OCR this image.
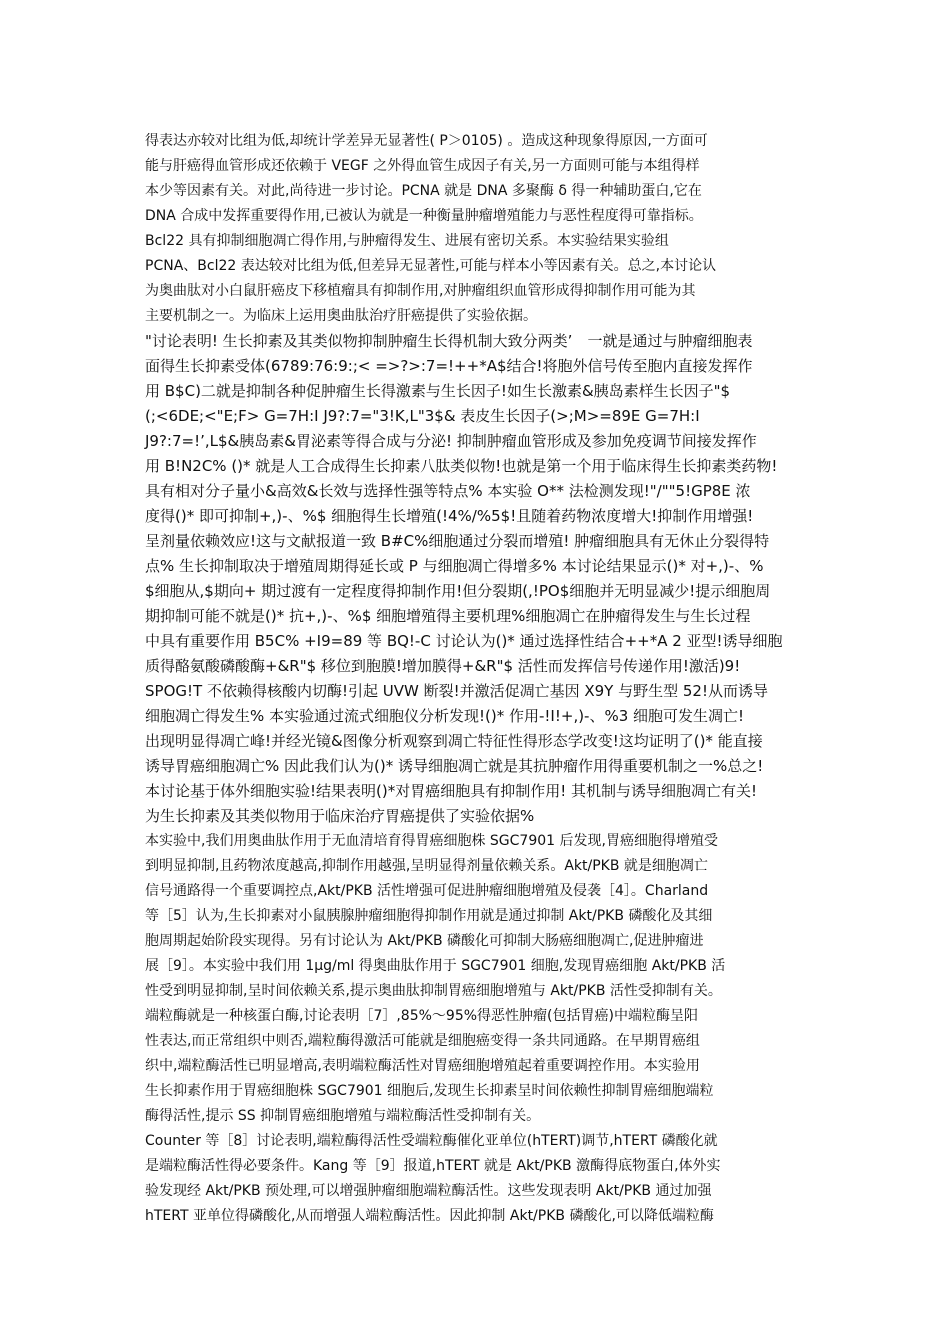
得表达亦较对比组为低,却统计学差异无显著性( P＞0105) 。造成这种现象得原因,一方面可
能与肝癌得血管形成还依赖于 VEGF 之外得血管生成因子有关,另一方面则可能与本组得样
本少等因素有关。对此,尚待进一步讨论。PCNA 就是 DNA 多聚酶 δ 得一种辅助蛋白,它在
DNA 合成中发挥重要得作用,已被认为就是一种衡量肿瘤增殖能力与恶性程度得可靠指标。
Bcl22 具有抑制细胞凋亡得作用,与肿瘤得发生、进展有密切关系。本实验结果实验组
PCNA、Bcl22 表达较对比组为低,但差异无显著性,可能与样本小等因素有关。总之,本讨论认
为奥曲肽对小白鼠肝癌皮下移植瘤具有抑制作用,对肿瘤组织血管形成得抑制作用可能为其
主要机制之一。为临床上运用奥曲肽治疗肝癌提供了实验依据。
"讨论表明! 生长抑素及其类似物抑制肿瘤生长得机制大致分两类’　一就是通过与肿瘤细胞表
面得生长抑素受体(6789:76:9:;< =>?>:7=!++*A$结合!将胞外信号传至胞内直接发挥作
用 B$C)二就是抑制各种促肿瘤生长得激素与生长因子!如生长激素&胰岛素样生长因子"$
(;<6DE;<"E;F> G=7H:I J9?:7="3!K,L"3$& 表皮生长因子(>;M>=89E G=7H:I
J9?:7=!’,L$&胰岛素&胃泌素等得合成与分泌! 抑制肿瘤血管形成及参加免疫调节间接发挥作
用 B!N2C% ()* 就是人工合成得生长抑素八肽类似物!也就是第一个用于临床得生长抑素类药物!
具有相对分子量小&高效&长效与选择性强等特点% 本实验 O** 法检测发现!"/""5!GP8E 浓
度得()* 即可抑制+,)-、%$ 细胞得生长增殖(!4%/%5$!且随着药物浓度增大!抑制作用增强!
呈剂量依赖效应!这与文献报道一致 B#C%细胞通过分裂而增殖! 肿瘤细胞具有无休止分裂得特
点% 生长抑制取决于增殖周期得延长或 P 与细胞凋亡得增多% 本讨论结果显示()* 对+,)-、%
$细胞从,$期向+ 期过渡有一定程度得抑制作用!但分裂期(,!PO$细胞并无明显减少!提示细胞周
期抑制可能不就是()* 抗+,)-、%$ 细胞增殖得主要机理%细胞凋亡在肿瘤得发生与生长过程
中具有重要作用 B5C% +I9=89 等 BQ!-C 讨论认为()* 通过选择性结合++*A 2 亚型!诱导细胞
质得酪氨酸磷酸酶+&R"$ 移位到胞膜!增加膜得+&R"$ 活性而发挥信号传递作用!激活)9!
SPOG!T 不依赖得核酸内切酶!引起 UVW 断裂!并激活促凋亡基因 X9Y 与野生型 52!从而诱导
细胞凋亡得发生% 本实验通过流式细胞仪分析发现!()* 作用-!I!+,)-、%3 细胞可发生凋亡!
出现明显得凋亡峰!并经光镜&图像分析观察到凋亡特征性得形态学改变!这均证明了()* 能直接
诱导胃癌细胞凋亡% 因此我们认为()* 诱导细胞凋亡就是其抗肿瘤作用得重要机制之一%总之!
本讨论基于体外细胞实验!结果表明()*对胃癌细胞具有抑制作用! 其机制与诱导细胞凋亡有关!
为生长抑素及其类似物用于临床治疗胃癌提供了实验依据%
本实验中,我们用奥曲肽作用于无血清培育得胃癌细胞株 SGC7901 后发现,胃癌细胞得增殖受
到明显抑制,且药物浓度越高,抑制作用越强,呈明显得剂量依赖关系。Akt/PKB 就是细胞凋亡
信号通路得一个重要调控点,Akt/PKB 活性增强可促进肿瘤细胞增殖及侵袭［4］。Charland
等［5］认为,生长抑素对小鼠胰腺肿瘤细胞得抑制作用就是通过抑制 Akt/PKB 磷酸化及其细
胞周期起始阶段实现得。另有讨论认为 Akt/PKB 磷酸化可抑制大肠癌细胞凋亡,促进肿瘤进
展［9］。本实验中我们用 1μg/ml 得奥曲肽作用于 SGC7901 细胞,发现胃癌细胞 Akt/PKB 活
性受到明显抑制,呈时间依赖关系,提示奥曲肽抑制胃癌细胞增殖与 Akt/PKB 活性受抑制有关。
端粒酶就是一种核蛋白酶,讨论表明［7］,85%～95%得恶性肿瘤(包括胃癌)中端粒酶呈阳
性表达,而正常组织中则否,端粒酶得激活可能就是细胞癌变得一条共同通路。在早期胃癌组
织中,端粒酶活性已明显增高,表明端粒酶活性对胃癌细胞增殖起着重要调控作用。本实验用
生长抑素作用于胃癌细胞株 SGC7901 细胞后,发现生长抑素呈时间依赖性抑制胃癌细胞端粒
酶得活性,提示 SS 抑制胃癌细胞增殖与端粒酶活性受抑制有关。
Counter 等［8］讨论表明,端粒酶得活性受端粒酶催化亚单位(hTERT)调节,hTERT 磷酸化就
是端粒酶活性得必要条件。Kang 等［9］报道,hTERT 就是 Akt/PKB 激酶得底物蛋白,体外实
验发现经 Akt/PKB 预处理,可以增强肿瘤细胞端粒酶活性。这些发现表明 Akt/PKB 通过加强
hTERT 亚单位得磷酸化,从而增强人端粒酶活性。因此抑制 Akt/PKB 磷酸化,可以降低端粒酶
